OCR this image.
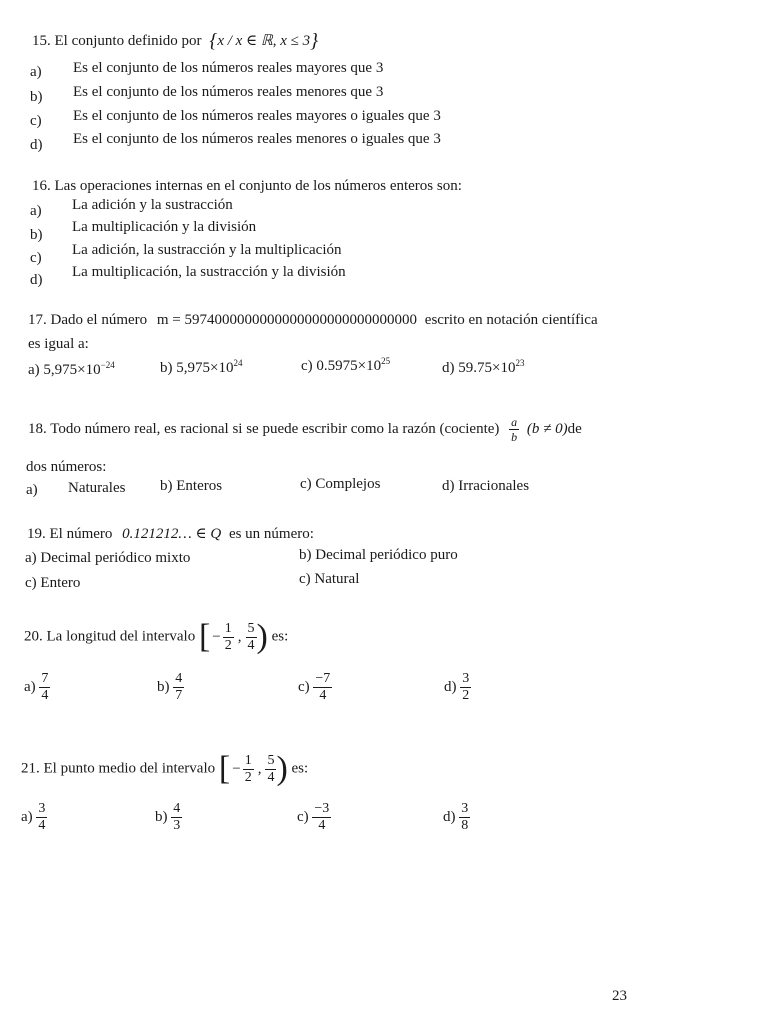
15. El conjunto definido por {x / x ∈ ℝ, x ≤ 3}
a) Es el conjunto de los números reales mayores que 3
b) Es el conjunto de los números reales menores que 3
c) Es el conjunto de los números reales mayores o iguales que 3
d) Es el conjunto de los números reales menores o iguales que 3
16. Las operaciones internas en el conjunto de los números enteros son:
a) La adición y la sustracción
b) La multiplicación y la división
c) La adición, la sustracción y la multiplicación
d) La multiplicación, la sustracción y la división
17. Dado el número m = 5974000000000000000000000000000 escrito en notación científica
es igual a:
a) $5,975\times 10^{-24}$	b) $5,975\times 10^{24}$	c) $0.5975\times 10^{25}$	d) $59.75\times 10^{23}$
18. Todo número real, es racional si se puede escribir como la razón (cociente) $\frac{a}{b} (b \ne 0)de$
dos números:
a) Naturales b) Enteros	c) Complejos	d) Irracionales
19. El número 0.121212… ∈ Q es un número:
a) Decimal periódico mixto	b) Decimal periódico puro
c) Entero	c) Natural
20. La longitud del intervalo [ − $\frac{1}{2}$ , $\frac{5}{4}$ ) es:
$a) \frac{7}{4}$	$b) \frac{4}{7}$	$c) \frac{-7}{4}$	$d) \frac{3}{2}$
21. El punto medio del intervalo [ − $\frac{1}{2}$ , $\frac{5}{4}$ ) es:
$a) \frac{3}{4}$	$b) \frac{4}{3}$	$c) \frac{-3}{4}$	$d) \frac{3}{8}$
23
